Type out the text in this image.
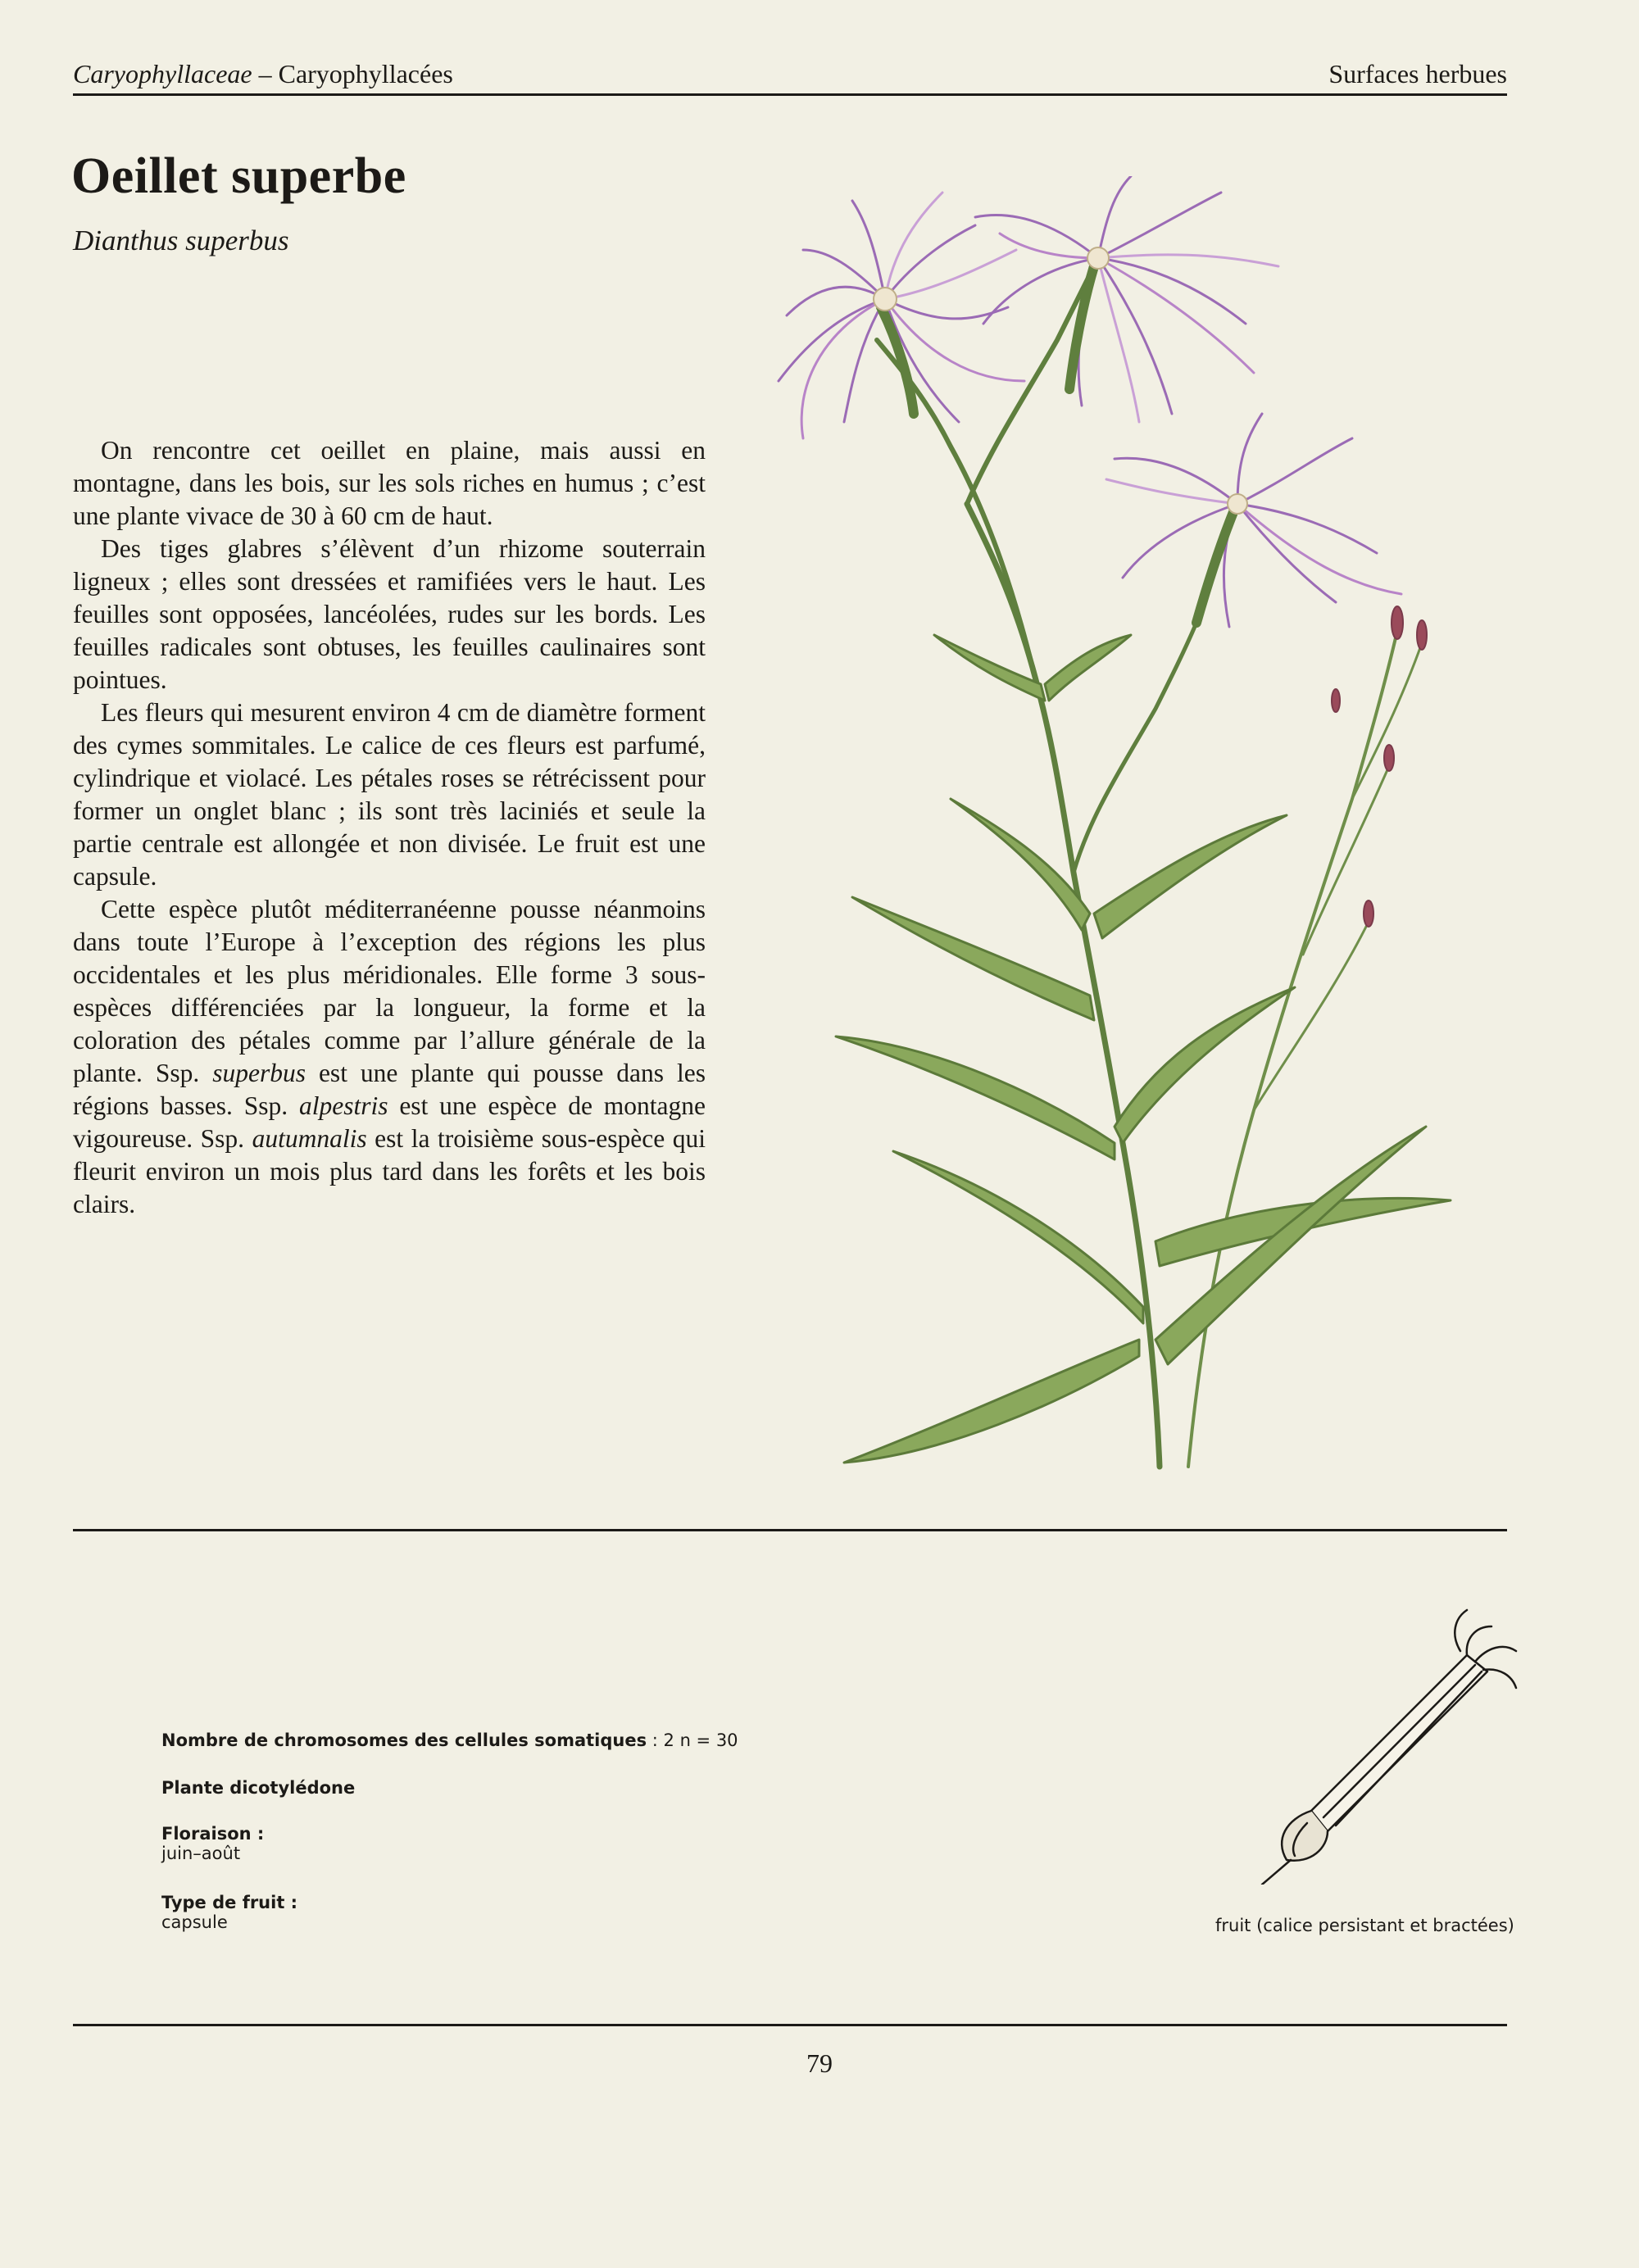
Caryophyllaceae – Caryophyllacées	Surfaces herbues
Oeillet superbe
Dianthus superbus

On rencontre cet oeillet en plaine, mais aussi en montagne, dans les bois, sur les sols riches en humus ; c’est une plante vivace de 30 à 60 cm de haut.

Des tiges glabres s’élèvent d’un rhizome souterrain ligneux ; elles sont dressées et ramifiées vers le haut. Les feuilles sont opposées, lancéolées, rudes sur les bords. Les feuilles radicales sont obtuses, les feuilles caulinaires sont pointues.

Les fleurs qui mesurent environ 4 cm de diamètre forment des cymes sommitales. Le calice de ces fleurs est parfumé, cylindrique et violacé. Les pétales roses se rétrécissent pour former un onglet blanc ; ils sont très laciniés et seule la partie centrale est allongée et non divisée. Le fruit est une capsule.

Cette espèce plutôt méditerranéenne pousse néanmoins dans toute l’Europe à l’exception des régions les plus occidentales et les plus méridionales. Elle forme 3 sous-espèces différenciées par la longueur, la forme et la coloration des pétales comme par l’allure générale de la plante. Ssp. superbus est une plante qui pousse dans les régions basses. Ssp. alpestris est une espèce de montagne vigoureuse. Ssp. autumnalis est la troisième sous-espèce qui fleurit environ un mois plus tard dans les forêts et les bois clairs.

Nombre de chromosomes des cellules somatiques : 2 n = 30
Plante dicotylédone
Floraison :
juin–août
Type de fruit :
capsule	fruit (calice persistant et bractées)
79
